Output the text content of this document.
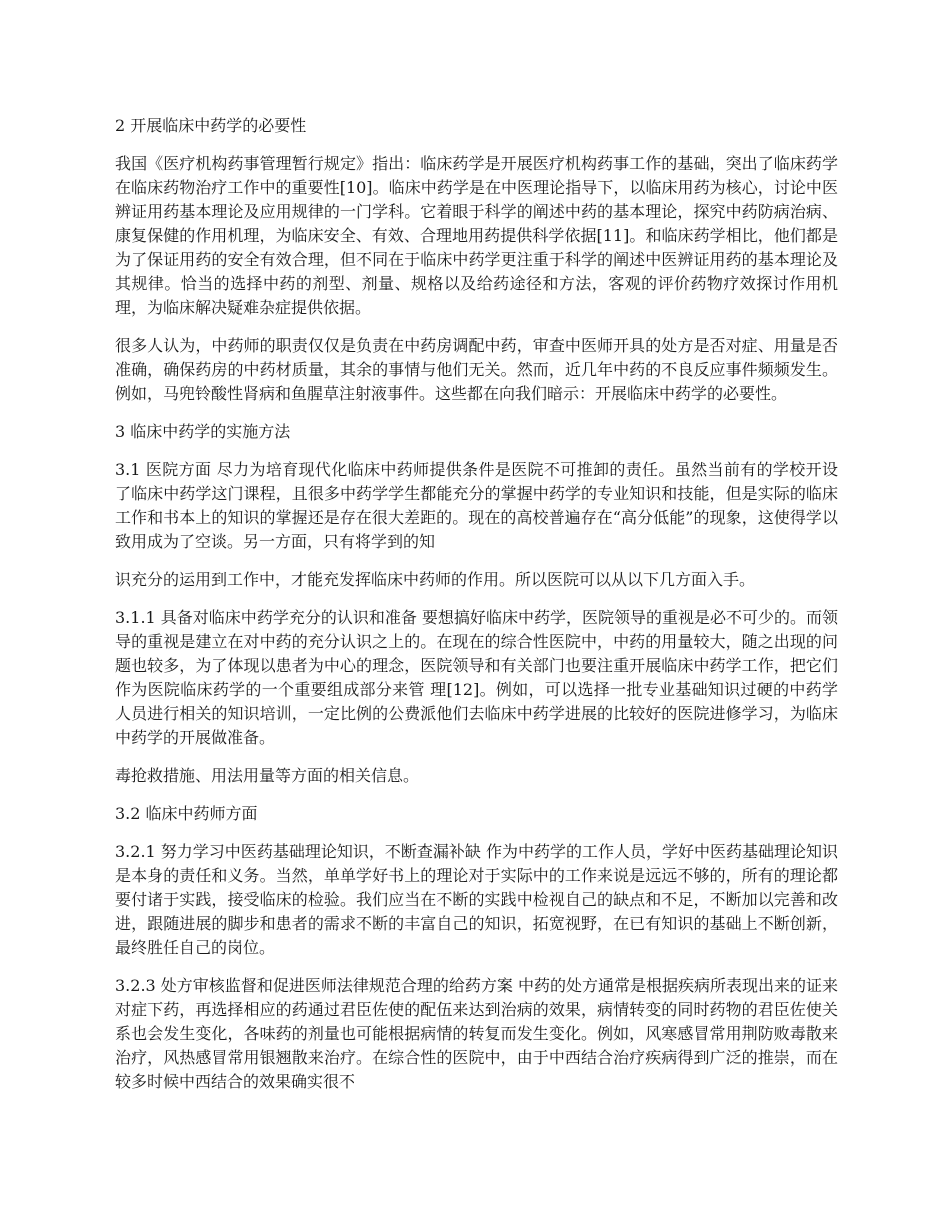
2 开展临床中药学的必要性

我国《医疗机构药事管理暂行规定》指出：临床药学是开展医疗机构药事工作的基础，突出了临床药学在临床药物治疗工作中的重要性[10]。临床中药学是在中医理论指导下，以临床用药为核心，讨论中医辨证用药基本理论及应用规律的一门学科。它着眼于科学的阐述中药的基本理论，探究中药防病治病、康复保健的作用机理，为临床安全、有效、合理地用药提供科学依据[11]。和临床药学相比，他们都是为了保证用药的安全有效合理，但不同在于临床中药学更注重于科学的阐述中医辨证用药的基本理论及其规律。恰当的选择中药的剂型、剂量、规格以及给药途径和方法，客观的评价药物疗效探讨作用机理，为临床解决疑难杂症提供依据。

很多人认为，中药师的职责仅仅是负责在中药房调配中药，审查中医师开具的处方是否对症、用量是否准确，确保药房的中药材质量，其余的事情与他们无关。然而，近几年中药的不良反应事件频频发生。例如，马兜铃酸性肾病和鱼腥草注射液事件。这些都在向我们暗示：开展临床中药学的必要性。

3 临床中药学的实施方法

3.1 医院方面 尽力为培育现代化临床中药师提供条件是医院不可推卸的责任。虽然当前有的学校开设了临床中药学这门课程，且很多中药学学生都能充分的掌握中药学的专业知识和技能，但是实际的临床工作和书本上的知识的掌握还是存在很大差距的。现在的高校普遍存在“高分低能”的现象，这使得学以致用成为了空谈。另一方面，只有将学到的知

识充分的运用到工作中，才能充发挥临床中药师的作用。所以医院可以从以下几方面入手。

3.1.1 具备对临床中药学充分的认识和准备 要想搞好临床中药学，医院领导的重视是必不可少的。而领导的重视是建立在对中药的充分认识之上的。在现在的综合性医院中，中药的用量较大，随之出现的问题也较多，为了体现以患者为中心的理念，医院领导和有关部门也要注重开展临床中药学工作，把它们作为医院临床药学的一个重要组成部分来管 理[12]。例如，可以选择一批专业基础知识过硬的中药学人员进行相关的知识培训，一定比例的公费派他们去临床中药学进展的比较好的医院进修学习，为临床中药学的开展做准备。

毒抢救措施、用法用量等方面的相关信息。

3.2 临床中药师方面

3.2.1 努力学习中医药基础理论知识，不断查漏补缺 作为中药学的工作人员，学好中医药基础理论知识是本身的责任和义务。当然，单单学好书上的理论对于实际中的工作来说是远远不够的，所有的理论都要付诸于实践，接受临床的检验。我们应当在不断的实践中检视自己的缺点和不足，不断加以完善和改进，跟随进展的脚步和患者的需求不断的丰富自己的知识，拓宽视野，在已有知识的基础上不断创新，最终胜任自己的岗位。

3.2.3 处方审核监督和促进医师法律规范合理的给药方案 中药的处方通常是根据疾病所表现出来的证来对症下药，再选择相应的药通过君臣佐使的配伍来达到治病的效果，病情转变的同时药物的君臣佐使关系也会发生变化，各味药的剂量也可能根据病情的转复而发生变化。例如，风寒感冒常用荆防败毒散来治疗，风热感冒常用银翘散来治疗。在综合性的医院中，由于中西结合治疗疾病得到广泛的推崇，而在较多时候中西结合的效果确实很不
